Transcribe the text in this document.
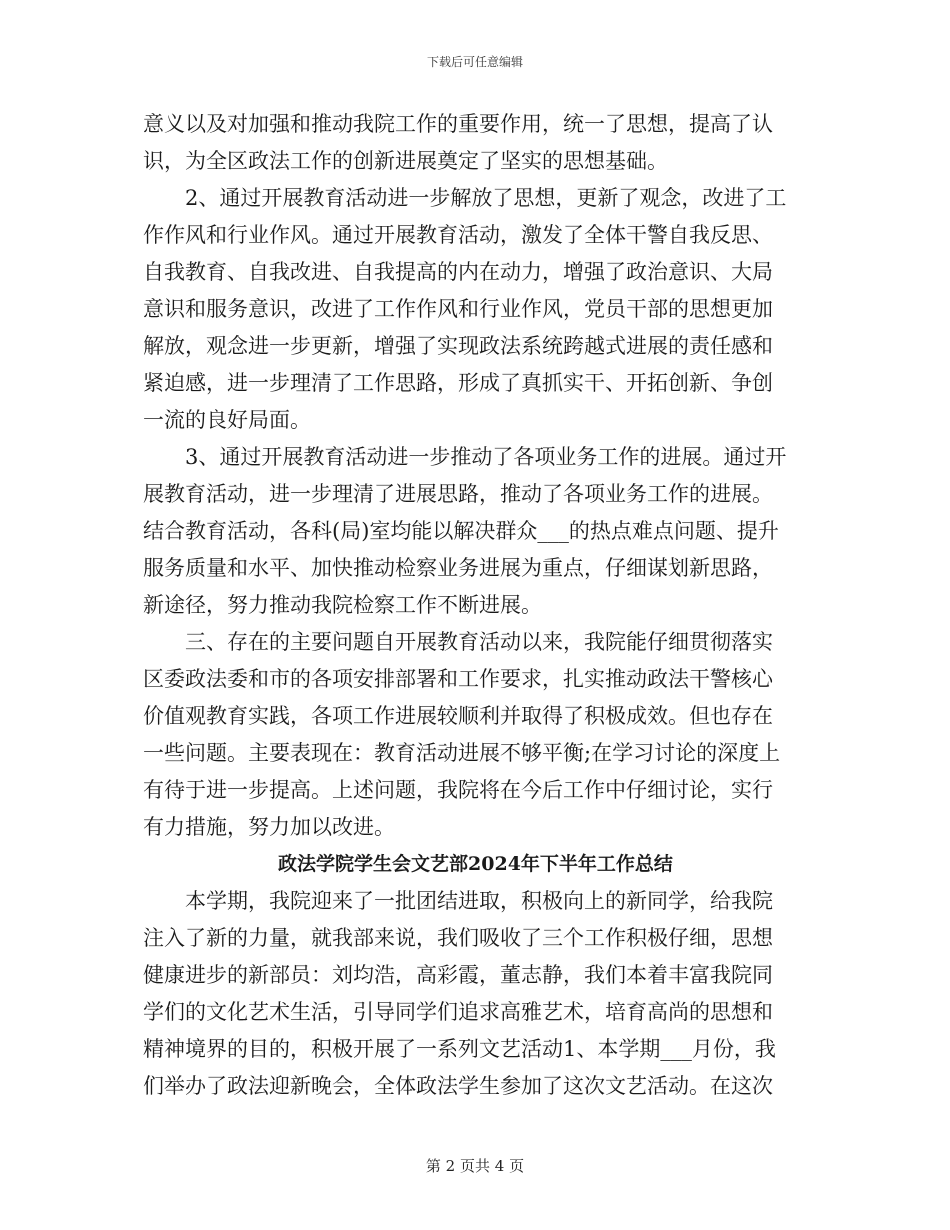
下载后可任意编辑
意义以及对加强和推动我院工作的重要作用，统一了思想，提高了认
识，为全区政法工作的创新进展奠定了坚实的思想基础。
2、通过开展教育活动进一步解放了思想，更新了观念，改进了工
作作风和行业作风。通过开展教育活动，激发了全体干警自我反思、
自我教育、自我改进、自我提高的内在动力，增强了政治意识、大局
意识和服务意识，改进了工作作风和行业作风，党员干部的思想更加
解放，观念进一步更新，增强了实现政法系统跨越式进展的责任感和
紧迫感，进一步理清了工作思路，形成了真抓实干、开拓创新、争创
一流的良好局面。
3、通过开展教育活动进一步推动了各项业务工作的进展。通过开
展教育活动，进一步理清了进展思路，推动了各项业务工作的进展。
结合教育活动，各科(局)室均能以解决群众___的热点难点问题、提升
服务质量和水平、加快推动检察业务进展为重点，仔细谋划新思路，
新途径，努力推动我院检察工作不断进展。
三、存在的主要问题自开展教育活动以来，我院能仔细贯彻落实
区委政法委和市的各项安排部署和工作要求，扎实推动政法干警核心
价值观教育实践，各项工作进展较顺利并取得了积极成效。但也存在
一些问题。主要表现在：教育活动进展不够平衡;在学习讨论的深度上
有待于进一步提高。上述问题，我院将在今后工作中仔细讨论，实行
有力措施，努力加以改进。
政法学院学生会文艺部2024年下半年工作总结
本学期，我院迎来了一批团结进取，积极向上的新同学，给我院
注入了新的力量，就我部来说，我们吸收了三个工作积极仔细，思想
健康进步的新部员：刘均浩，高彩霞，董志静，我们本着丰富我院同
学们的文化艺术生活，引导同学们追求高雅艺术，培育高尚的思想和
精神境界的目的，积极开展了一系列文艺活动1、本学期___月份，我
们举办了政法迎新晚会，全体政法学生参加了这次文艺活动。在这次
第 2 页共 4 页
